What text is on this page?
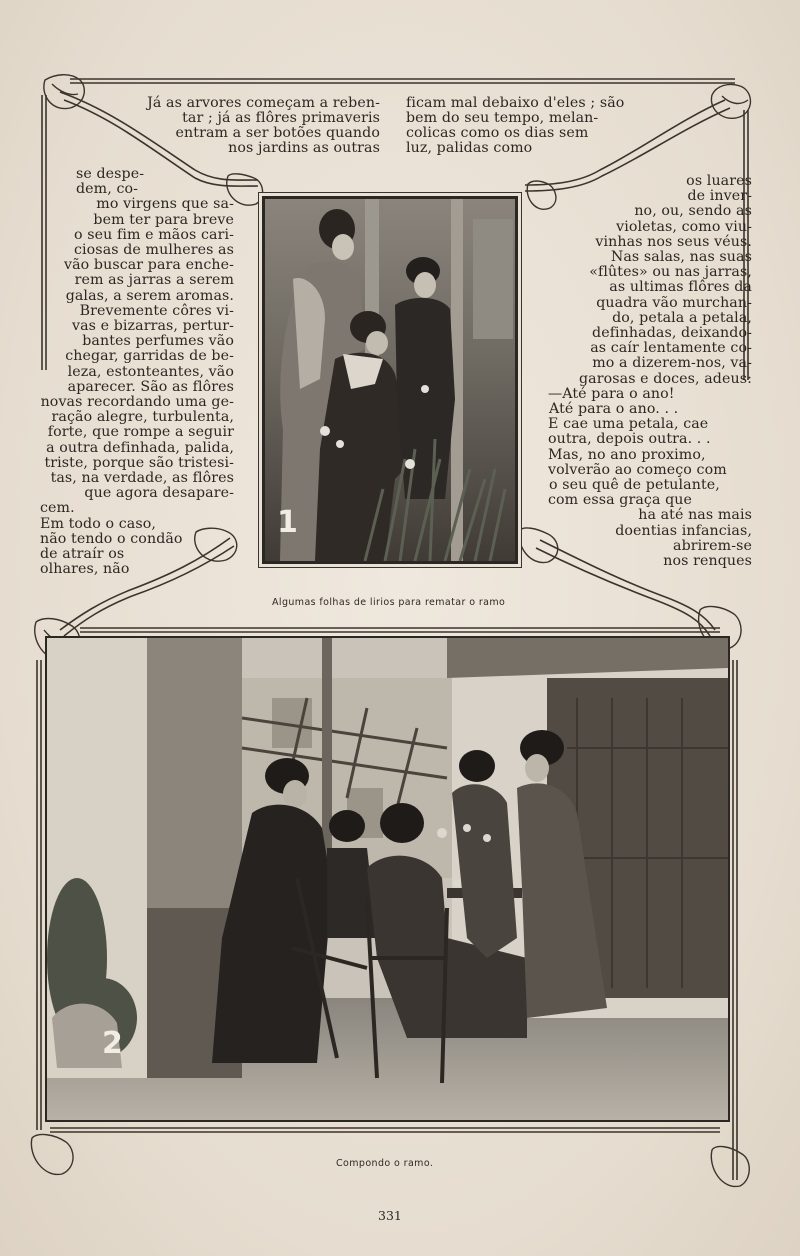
Já as arvores começam a reben-
tar ; já as flôres primaveris
entram a ser botões quando
nos jardins as outras
ficam mal debaixo d'eles ; são
bem do seu tempo, melan-
colicas como os dias sem
luz, palidas como
1
Algumas folhas de lirios para rematar o ramo
2
Compondo o ramo.
331
se despe-
dem, co-
mo virgens que sa-
bem ter para breve
o seu fim e mãos cari-
ciosas de mulheres as
vão buscar para enche-
rem as jarras a serem
galas, a serem aromas.
Brevemente côres vi-
vas e bizarras, pertur-
bantes perfumes vão
chegar, garridas de be-
leza, estonteantes, vão
aparecer. São as flôres
novas recordando uma ge-
ração alegre, turbulenta,
forte, que rompe a seguir
a outra definhada, palida,
triste, porque são tristesi-
tas, na verdade, as flôres
que agora desapare-
cem.
Em todo o caso,
não tendo o condão
de atraír os
olhares, não
os luares
de inver-
no, ou, sendo as
violetas, como viu-
vinhas nos seus véus.
Nas salas, nas suas
«flûtes» ou nas jarras,
as ultimas flôres da
quadra vão murchan-
do, petala a petala,
definhadas, deixando-
as caír lentamente co-
mo a dizerem-nos, va-
garosas e doces, adeus:
—Até para o ano!
Até para o ano. . .
E cae uma petala, cae
outra, depois outra. . .
Mas, no ano proximo,
volverão ao começo com
o seu quê de petulante,
com essa graça que
ha até nas mais
doentias infancias,
abrirem-se
nos renques
